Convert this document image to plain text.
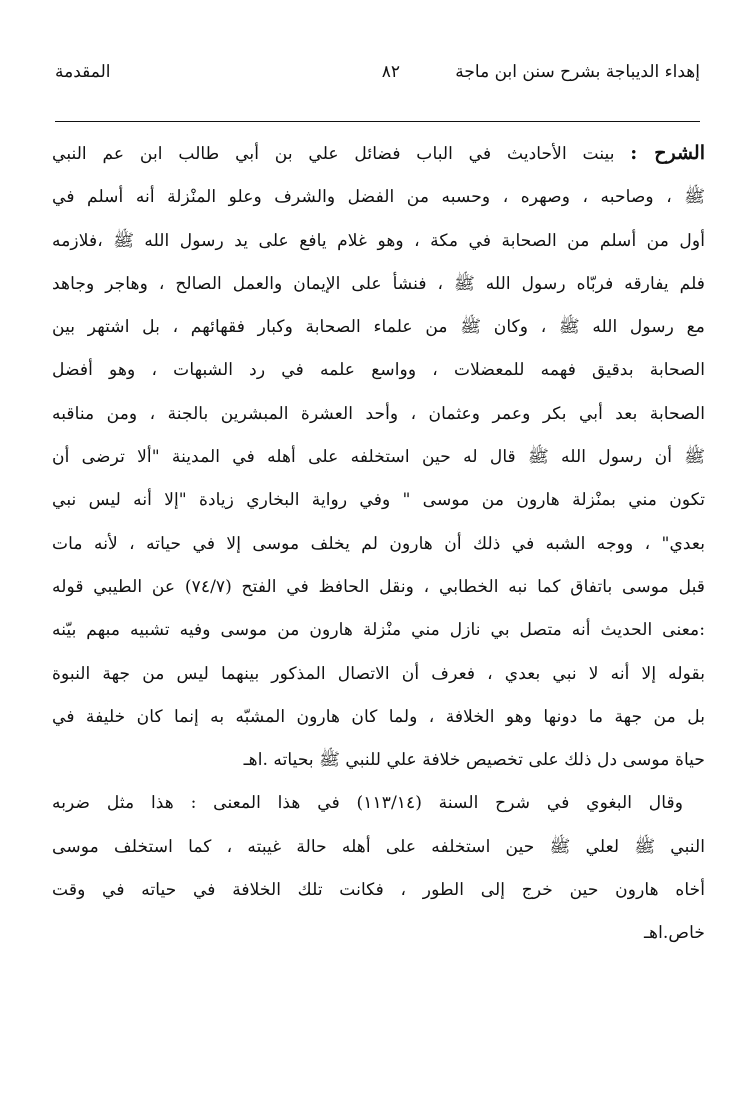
إهداء الديباجة بشرح سنن ابن ماجة
٨٢
المقدمة
الشرح : بينت الأحاديث في الباب فضائل علي بن أبي طالب ابن عم النبي
ﷺ ، وصاحبه ، وصهره ، وحسبه من الفضل والشرف وعلو المنْزلة أنه أسلم في
أول من أسلم من الصحابة في مكة ، وهو غلام يافع على يد رسول الله ﷺ ،فلازمه
فلم يفارقه فربّاه رسول الله ﷺ ، فنشأ على الإيمان والعمل الصالح ، وهاجر وجاهد
مع رسول الله ﷺ ، وكان ﷺ من علماء الصحابة وكبار فقهائهم ، بل اشتهر بين
الصحابة بدقيق فهمه للمعضلات ، وواسع علمه في رد الشبهات ، وهو أفضل
الصحابة بعد أبي بكر وعمر وعثمان ، وأحد العشرة المبشرين بالجنة ، ومن مناقبه
ﷺ أن رسول الله ﷺ قال له حين استخلفه على أهله في المدينة "ألا ترضى أن
تكون مني بمنْزلة هارون من موسى " وفي رواية البخاري زيادة "إلا أنه ليس نبي
بعدي" ، ووجه الشبه في ذلك أن هارون لم يخلف موسى إلا في حياته ، لأنه مات
قبل موسى باتفاق كما نبه الخطابي ، ونقل الحافظ في الفتح (٧٤/٧) عن الطيبي قوله
:معنى الحديث أنه متصل بي نازل مني منْزلة هارون من موسى وفيه تشبيه مبهم بيّنه
بقوله إلا أنه لا نبي بعدي ، فعرف أن الاتصال المذكور بينهما ليس من جهة النبوة
بل من جهة ما دونها وهو الخلافة ، ولما كان هارون المشبّه به إنما كان خليفة في
حياة موسى دل ذلك على تخصيص خلافة علي للنبي ﷺ بحياته .اهـ
وقال البغوي في شرح السنة (١١٣/١٤) في هذا المعنى : هذا مثل ضربه
النبي ﷺ لعلي ﷺ حين استخلفه على أهله حالة غيبته ، كما استخلف موسى
أخاه هارون حين خرج إلى الطور ، فكانت تلك الخلافة في حياته في وقت
خاص.اهـ
